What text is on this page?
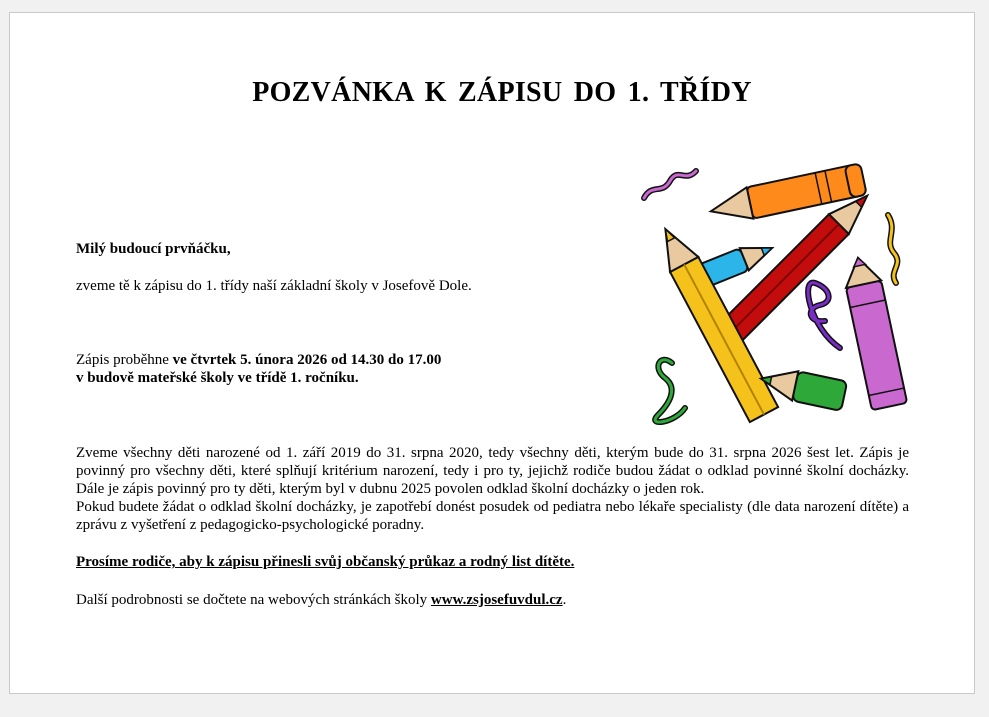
POZVÁNKA K ZÁPISU DO 1. TŘÍDY

Milý budoucí prvňáčku,

zveme tě k zápisu do 1. třídy naší základní školy v Josefově Dole.

Zápis proběhne ve čtvrtek 5. února 2026 od 14.30 do 17.00
v budově mateřské školy ve třídě 1. ročníku.

Zveme všechny děti narozené od 1. září 2019 do 31. srpna 2020, tedy všechny děti, kterým bude do 31. srpna 2026 šest let. Zápis je povinný pro všechny děti, které splňují kritérium narození, tedy i pro ty, jejichž rodiče budou žádat o odklad povinné školní docházky. Dále je zápis povinný pro ty děti, kterým byl v dubnu 2025 povolen odklad školní docházky o jeden rok.
Pokud budete žádat o odklad školní docházky, je zapotřebí donést posudek od pediatra nebo lékaře specialisty (dle data narození dítěte) a zprávu z vyšetření z pedagogicko-psychologické poradny.

Prosíme rodiče, aby k zápisu přinesli svůj občanský průkaz a rodný list dítěte.

Další podrobnosti se dočtete na webových stránkách školy www.zsjosefuvdul.cz.
